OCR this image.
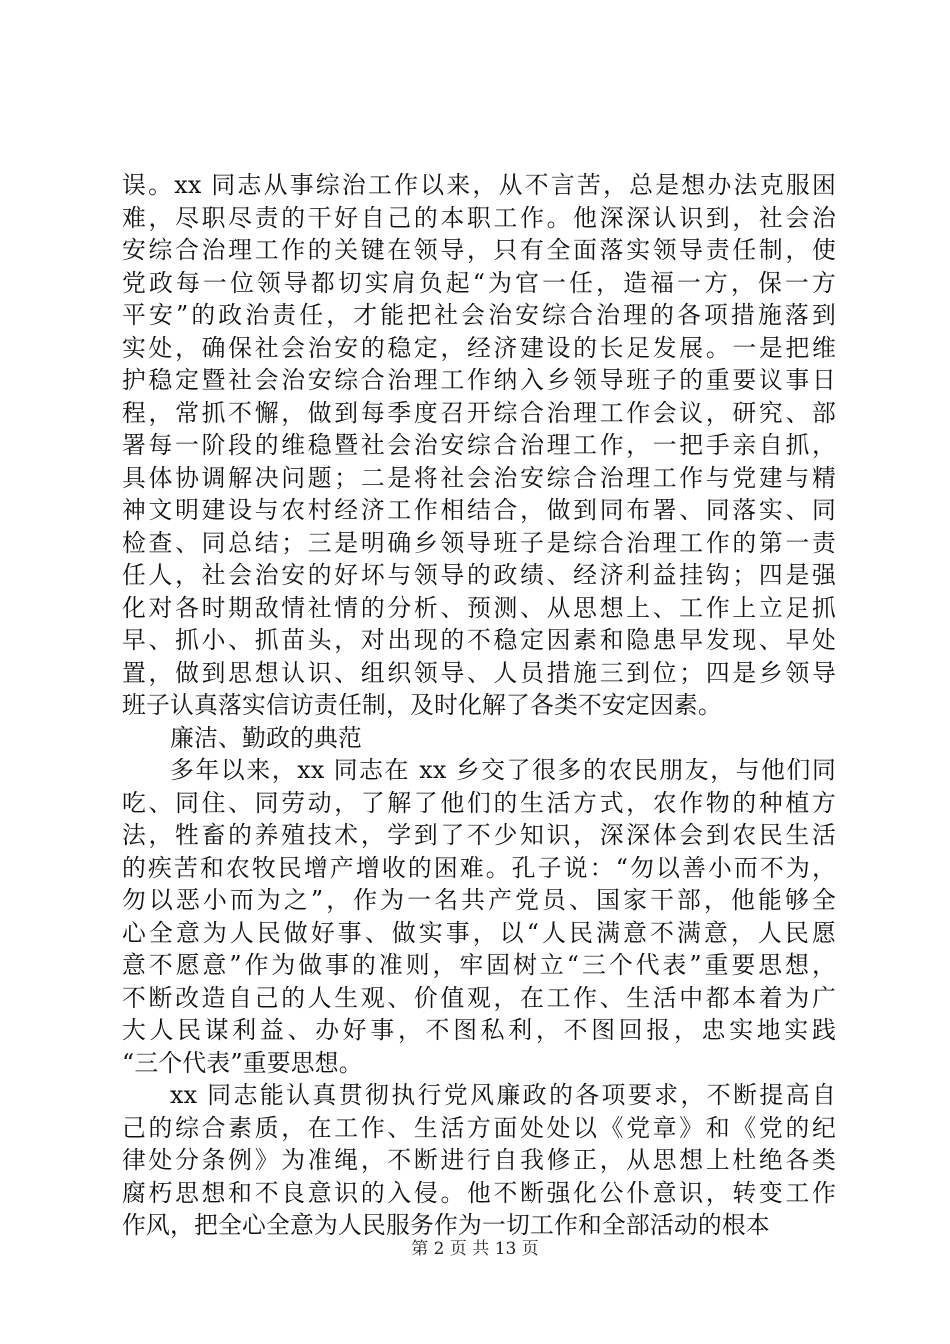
误。xx 同志从事综治工作以来，从不言苦，总是想办法克服困
难，尽职尽责的干好自己的本职工作。他深深认识到，社会治
安综合治理工作的关键在领导，只有全面落实领导责任制，使
党政每一位领导都切实肩负起“为官一任，造福一方，保一方
平安”的政治责任，才能把社会治安综合治理的各项措施落到
实处，确保社会治安的稳定，经济建设的长足发展。一是把维
护稳定暨社会治安综合治理工作纳入乡领导班子的重要议事日
程，常抓不懈，做到每季度召开综合治理工作会议，研究、部
署每一阶段的维稳暨社会治安综合治理工作，一把手亲自抓，
具体协调解决问题；二是将社会治安综合治理工作与党建与精
神文明建设与农村经济工作相结合，做到同布署、同落实、同
检查、同总结；三是明确乡领导班子是综合治理工作的第一责
任人，社会治安的好坏与领导的政绩、经济利益挂钩；四是强
化对各时期敌情社情的分析、预测、从思想上、工作上立足抓
早、抓小、抓苗头，对出现的不稳定因素和隐患早发现、早处
置，做到思想认识、组织领导、人员措施三到位；四是乡领导
班子认真落实信访责任制，及时化解了各类不安定因素。
廉洁、勤政的典范
多年以来，xx 同志在 xx 乡交了很多的农民朋友，与他们同
吃、同住、同劳动，了解了他们的生活方式，农作物的种植方
法，牲畜的养殖技术，学到了不少知识，深深体会到农民生活
的疾苦和农牧民增产增收的困难。孔子说：“勿以善小而不为，
勿以恶小而为之”，作为一名共产党员、国家干部，他能够全
心全意为人民做好事、做实事，以“人民满意不满意，人民愿
意不愿意”作为做事的准则，牢固树立“三个代表”重要思想，
不断改造自己的人生观、价值观，在工作、生活中都本着为广
大人民谋利益、办好事，不图私利，不图回报，忠实地实践
“三个代表”重要思想。
xx 同志能认真贯彻执行党风廉政的各项要求，不断提高自
己的综合素质，在工作、生活方面处处以《党章》和《党的纪
律处分条例》为准绳，不断进行自我修正，从思想上杜绝各类
腐朽思想和不良意识的入侵。他不断强化公仆意识，转变工作
作风，把全心全意为人民服务作为一切工作和全部活动的根本
第 2 页 共 13 页
